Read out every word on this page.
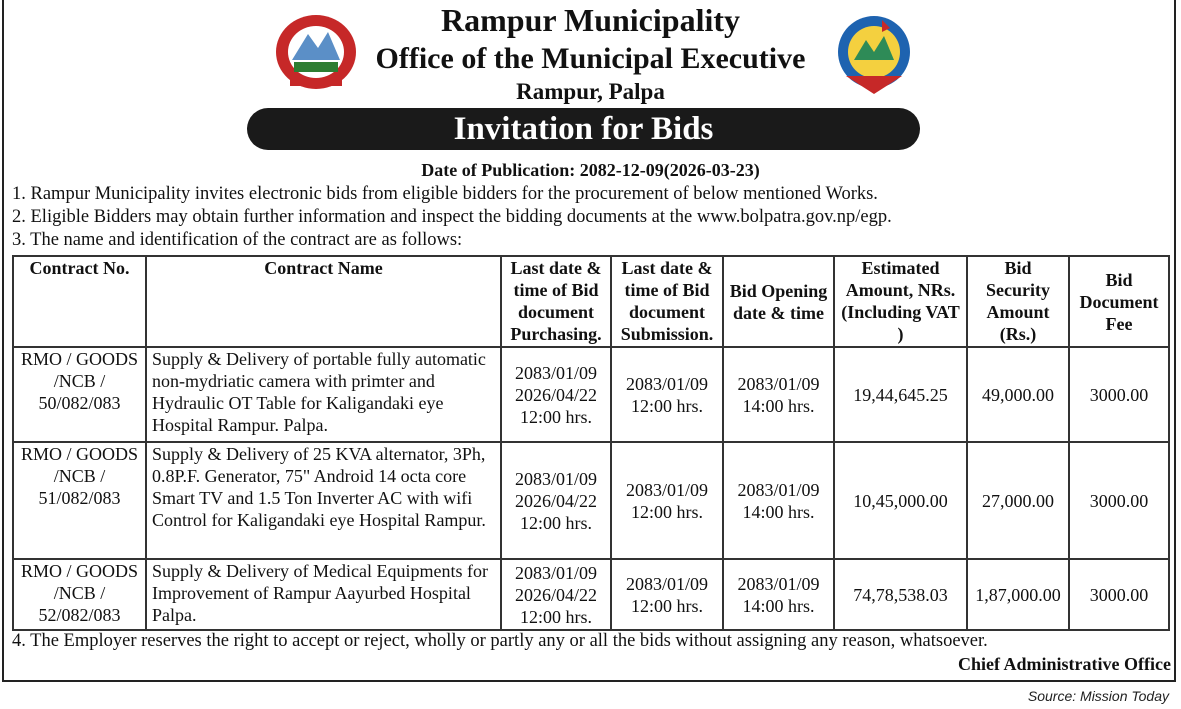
Rampur Municipality
Office of the Municipal Executive
Rampur, Palpa
Invitation for Bids
Date of Publication: 2082-12-09(2026-03-23)
1. Rampur Municipality invites electronic bids from eligible bidders for the procurement of below mentioned Works.
2. Eligible Bidders may obtain further information and inspect the bidding documents at the www.bolpatra.gov.np/egp.
3. The name and identification of the contract are as follows:
Contract No.	Contract Name	Last date & time of Bid document Purchasing.	Last date & time of Bid document Submission.	Bid Opening date & time	Estimated Amount, NRs. (Including VAT )	Bid Security Amount (Rs.)	Bid Document Fee
RMO / GOODS /NCB / 50/082/083	Supply & Delivery of portable fully automatic non-mydriatic camera with primter and Hydraulic OT Table for Kaligandaki eye Hospital Rampur. Palpa.	2083/01/09 2026/04/22 12:00 hrs.	2083/01/09 12:00 hrs.	2083/01/09 14:00 hrs.	19,44,645.25	49,000.00	3000.00
RMO / GOODS /NCB / 51/082/083	Supply & Delivery of 25 KVA alternator, 3Ph, 0.8P.F. Generator, 75" Android 14 octa core Smart TV and 1.5 Ton Inverter AC with wifi Control for Kaligandaki eye Hospital Rampur.	2083/01/09 2026/04/22 12:00 hrs.	2083/01/09 12:00 hrs.	2083/01/09 14:00 hrs.	10,45,000.00	27,000.00	3000.00
RMO / GOODS /NCB / 52/082/083	Supply & Delivery of Medical Equipments for Improvement of Rampur Aayurbed Hospital Palpa.	2083/01/09 2026/04/22 12:00 hrs.	2083/01/09 12:00 hrs.	2083/01/09 14:00 hrs.	74,78,538.03	1,87,000.00	3000.00
4. The Employer reserves the right to accept or reject, wholly or partly any or all the bids without assigning any reason, whatsoever.
Chief Administrative Office
Source: Mission Today
